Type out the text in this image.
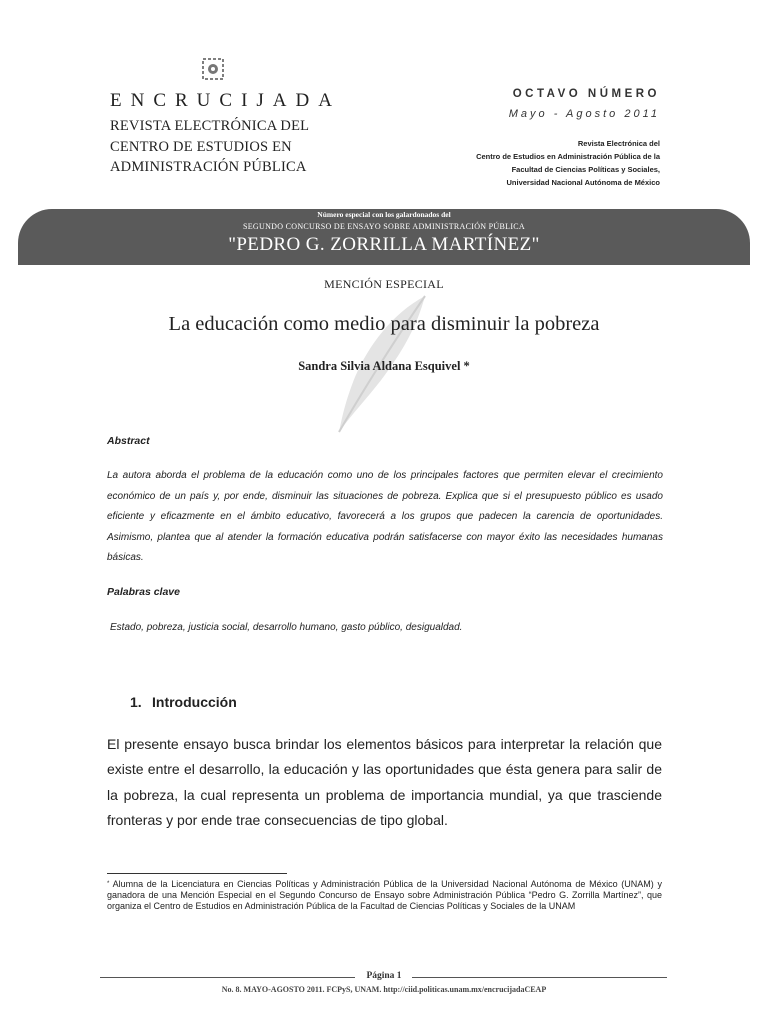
ENCRUCIJADA
REVISTA ELECTRÓNICA DEL
CENTRO DE ESTUDIOS EN
ADMINISTRACIÓN PÚBLICA
OCTAVO NÚMERO
Mayo - Agosto 2011
Revista Electrónica del
Centro de Estudios en Administración Pública de la
Facultad de Ciencias Políticas y Sociales,
Universidad Nacional Autónoma de México
Número especial con los galardonados del
SEGUNDO CONCURSO DE ENSAYO SOBRE ADMINISTRACIÓN PÚBLICA
"PEDRO G. ZORRILLA MARTÍNEZ"
MENCIÓN ESPECIAL
La educación como medio para disminuir la pobreza
Sandra Silvia Aldana Esquivel *
Abstract

La autora aborda el problema de la educación como uno de los principales factores que permiten elevar el crecimiento económico de un país y, por ende, disminuir las situaciones de pobreza. Explica que si el presupuesto público es usado eficiente y eficazmente en el ámbito educativo, favorecerá a los grupos que padecen la carencia de oportunidades. Asimismo, plantea que al atender la formación educativa podrán satisfacerse con mayor éxito las necesidades humanas básicas.

Palabras clave

Estado, pobreza, justicia social, desarrollo humano, gasto público, desigualdad.

1. Introducción

El presente ensayo busca brindar los elementos básicos para interpretar la relación que existe entre el desarrollo, la educación y las oportunidades que ésta genera para salir de la pobreza, la cual representa un problema de importancia mundial, ya que trasciende fronteras y por ende trae consecuencias de tipo global.

* Alumna de la Licenciatura en Ciencias Políticas y Administración Pública de la Universidad Nacional Autónoma de México (UNAM) y ganadora de una Mención Especial en el Segundo Concurso de Ensayo sobre Administración Pública “Pedro G. Zorrilla Martínez”, que organiza el Centro de Estudios en Administración Pública de la Facultad de Ciencias Políticas y Sociales de la UNAM

Página 1
No. 8. MAYO-AGOSTO 2011. FCPyS, UNAM. http://ciid.politicas.unam.mx/encrucijadaCEAP
